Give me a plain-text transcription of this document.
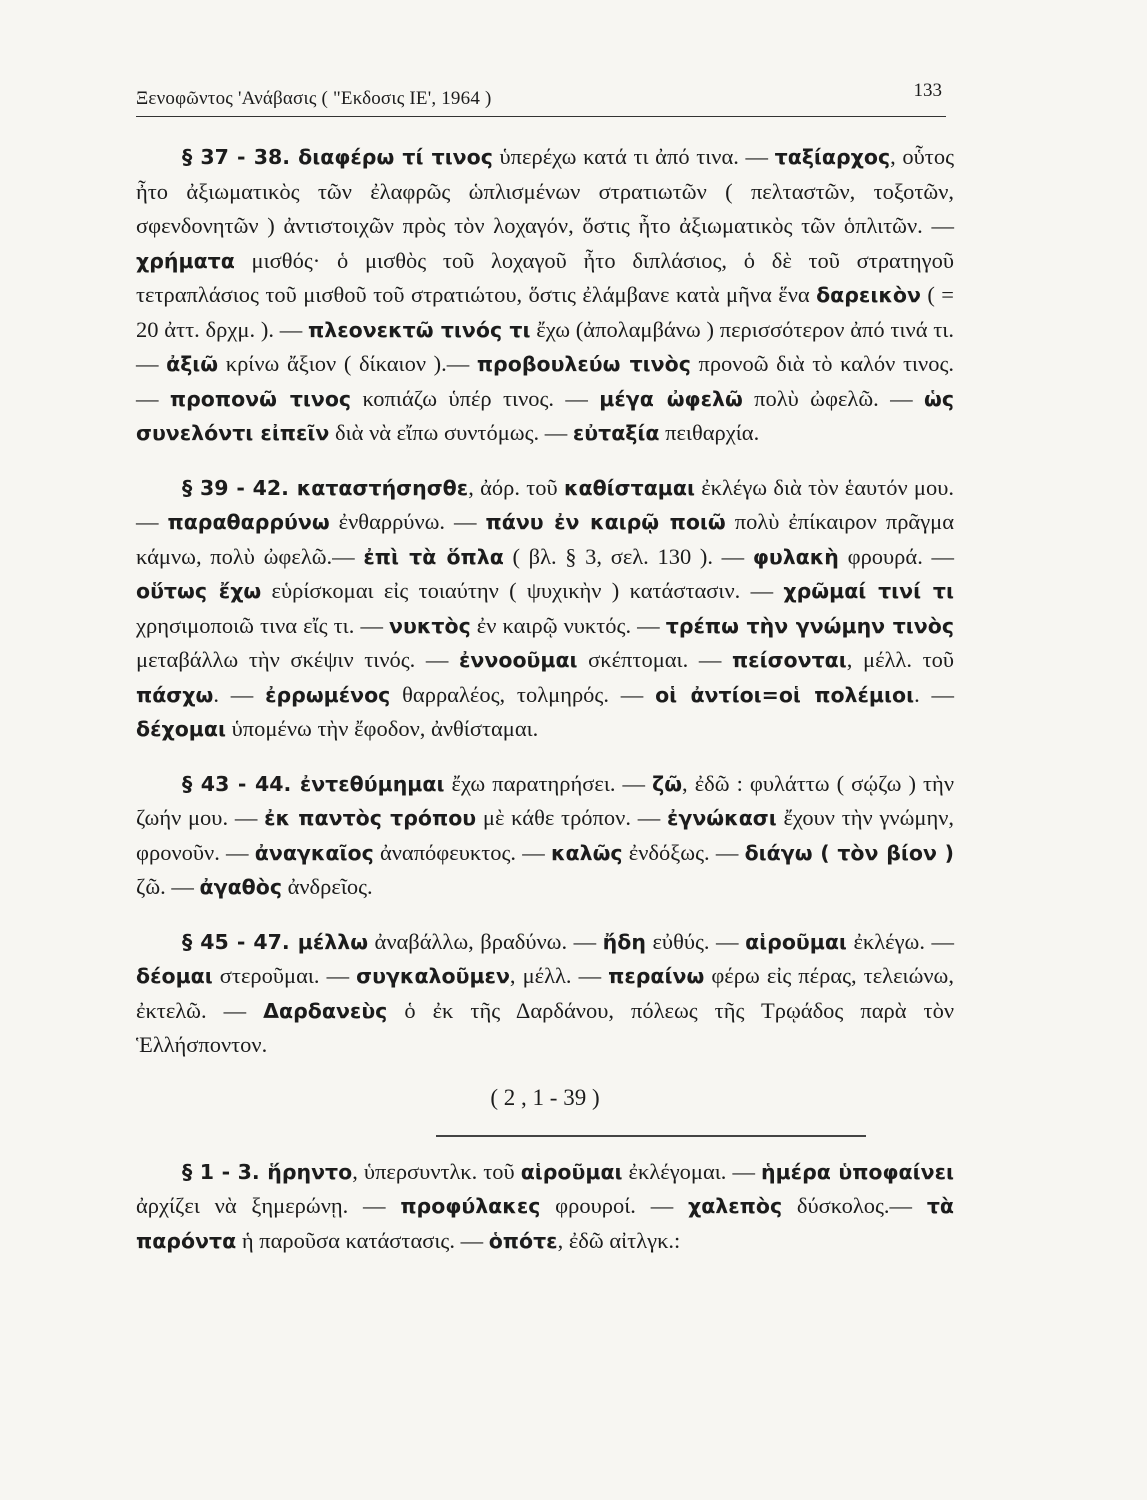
Ξενοφῶντος 'Ανάβασις ( "Εκδοσις ΙΕ', 1964 )	133

§ 37 - 38. διαφέρω τί τινος ὑπερέχω κατά τι ἀπό τινα. — ταξίαρχος, οὗτος ἦτο ἀξιωματικὸς τῶν ἐλαφρῶς ὡπλισμένων στρατιωτῶν ( πελταστῶν, τοξοτῶν, σφενδονητῶν ) ἀντιστοιχῶν πρὸς τὸν λοχαγόν, ὅστις ἦτο ἀξιωματικὸς τῶν ὁπλιτῶν. — χρήματα μισθός· ὁ μισθὸς τοῦ λοχαγοῦ ἦτο διπλάσιος, ὁ δὲ τοῦ στρατηγοῦ τετραπλάσιος τοῦ μισθοῦ τοῦ στρατιώτου, ὅστις ἐλάμβανε κατὰ μῆνα ἕνα δαρεικὸν ( = 20 ἀττ. δρχμ. ). — πλεονεκτῶ τινός τι ἔχω (ἀπολαμβάνω ) περισσότερον ἀπό τινά τι. — ἀξιῶ κρίνω ἄξιον ( δίκαιον ).— προβουλεύω τινὸς προνοῶ διὰ τὸ καλόν τινος. — προπονῶ τινος κοπιάζω ὑπέρ τινος. — μέγα ὠφελῶ πολὺ ὠφελῶ. — ὡς συνελόντι εἰπεῖν διὰ νὰ εἴπω συντόμως. — εὐταξία πειθαρχία.

§ 39 - 42. καταστήσησθε, ἀόρ. τοῦ καθίσταμαι ἐκλέγω διὰ τὸν ἑαυτόν μου. — παραθαρρύνω ἐνθαρρύνω. — πάνυ ἐν καιρῷ ποιῶ πολὺ ἐπίκαιρον πρᾶγμα κάμνω, πολὺ ὠφελῶ.— ἐπὶ τὰ ὅπλα ( βλ. § 3, σελ. 130 ). — φυλακὴ φρουρά. — οὕτως ἔχω εὑρίσκομαι εἰς τοιαύτην ( ψυχικὴν ) κατάστασιν. — χρῶμαί τινί τι χρησιμοποιῶ τινα εἴς τι. — νυκτὸς ἐν καιρῷ νυκτός. — τρέπω τὴν γνώμην τινὸς μεταβάλλω τὴν σκέψιν τινός. — ἐννοοῦμαι σκέπτομαι. — πείσονται, μέλλ. τοῦ πάσχω. — ἐρρωμένος θαρραλέος, τολμηρός. — οἱ ἀντίοι=οἱ πολέμιοι. — δέχομαι ὑπομένω τὴν ἔφοδον, ἀνθίσταμαι.

§ 43 - 44. ἐντεθύμημαι ἔχω παρατηρήσει. — ζῶ, ἐδῶ : φυλάττω ( σῴζω ) τὴν ζωήν μου. — ἐκ παντὸς τρόπου μὲ κάθε τρόπον. — ἐγνώκασι ἔχουν τὴν γνώμην, φρονοῦν. — ἀναγκαῖος ἀναπόφευκτος. — καλῶς ἐνδόξως. — διάγω ( τὸν βίον ) ζῶ. — ἀγαθὸς ἀνδρεῖος.

§ 45 - 47. μέλλω ἀναβάλλω, βραδύνω. — ἤδη εὐθύς. — αἱροῦμαι ἐκλέγω. — δέομαι στεροῦμαι. — συγκαλοῦμεν, μέλλ. — περαίνω φέρω εἰς πέρας, τελειώνω, ἐκτελῶ. — Δαρδανεὺς ὁ ἐκ τῆς Δαρδάνου, πόλεως τῆς Τρῳάδος παρὰ τὸν Ἑλλήσποντον.

( 2 , 1 - 39 )

§ 1 - 3. ἥρηντο, ὑπερσυντλκ. τοῦ αἱροῦμαι ἐκλέγομαι. — ἡμέρα ὑποφαίνει ἀρχίζει νὰ ξημερώνῃ. — προφύλακες φρουροί. — χαλεπὸς δύσκολος.— τὰ παρόντα ἡ παροῦσα κατάστασις. — ὁπότε, ἐδῶ αἰτλγκ.:
